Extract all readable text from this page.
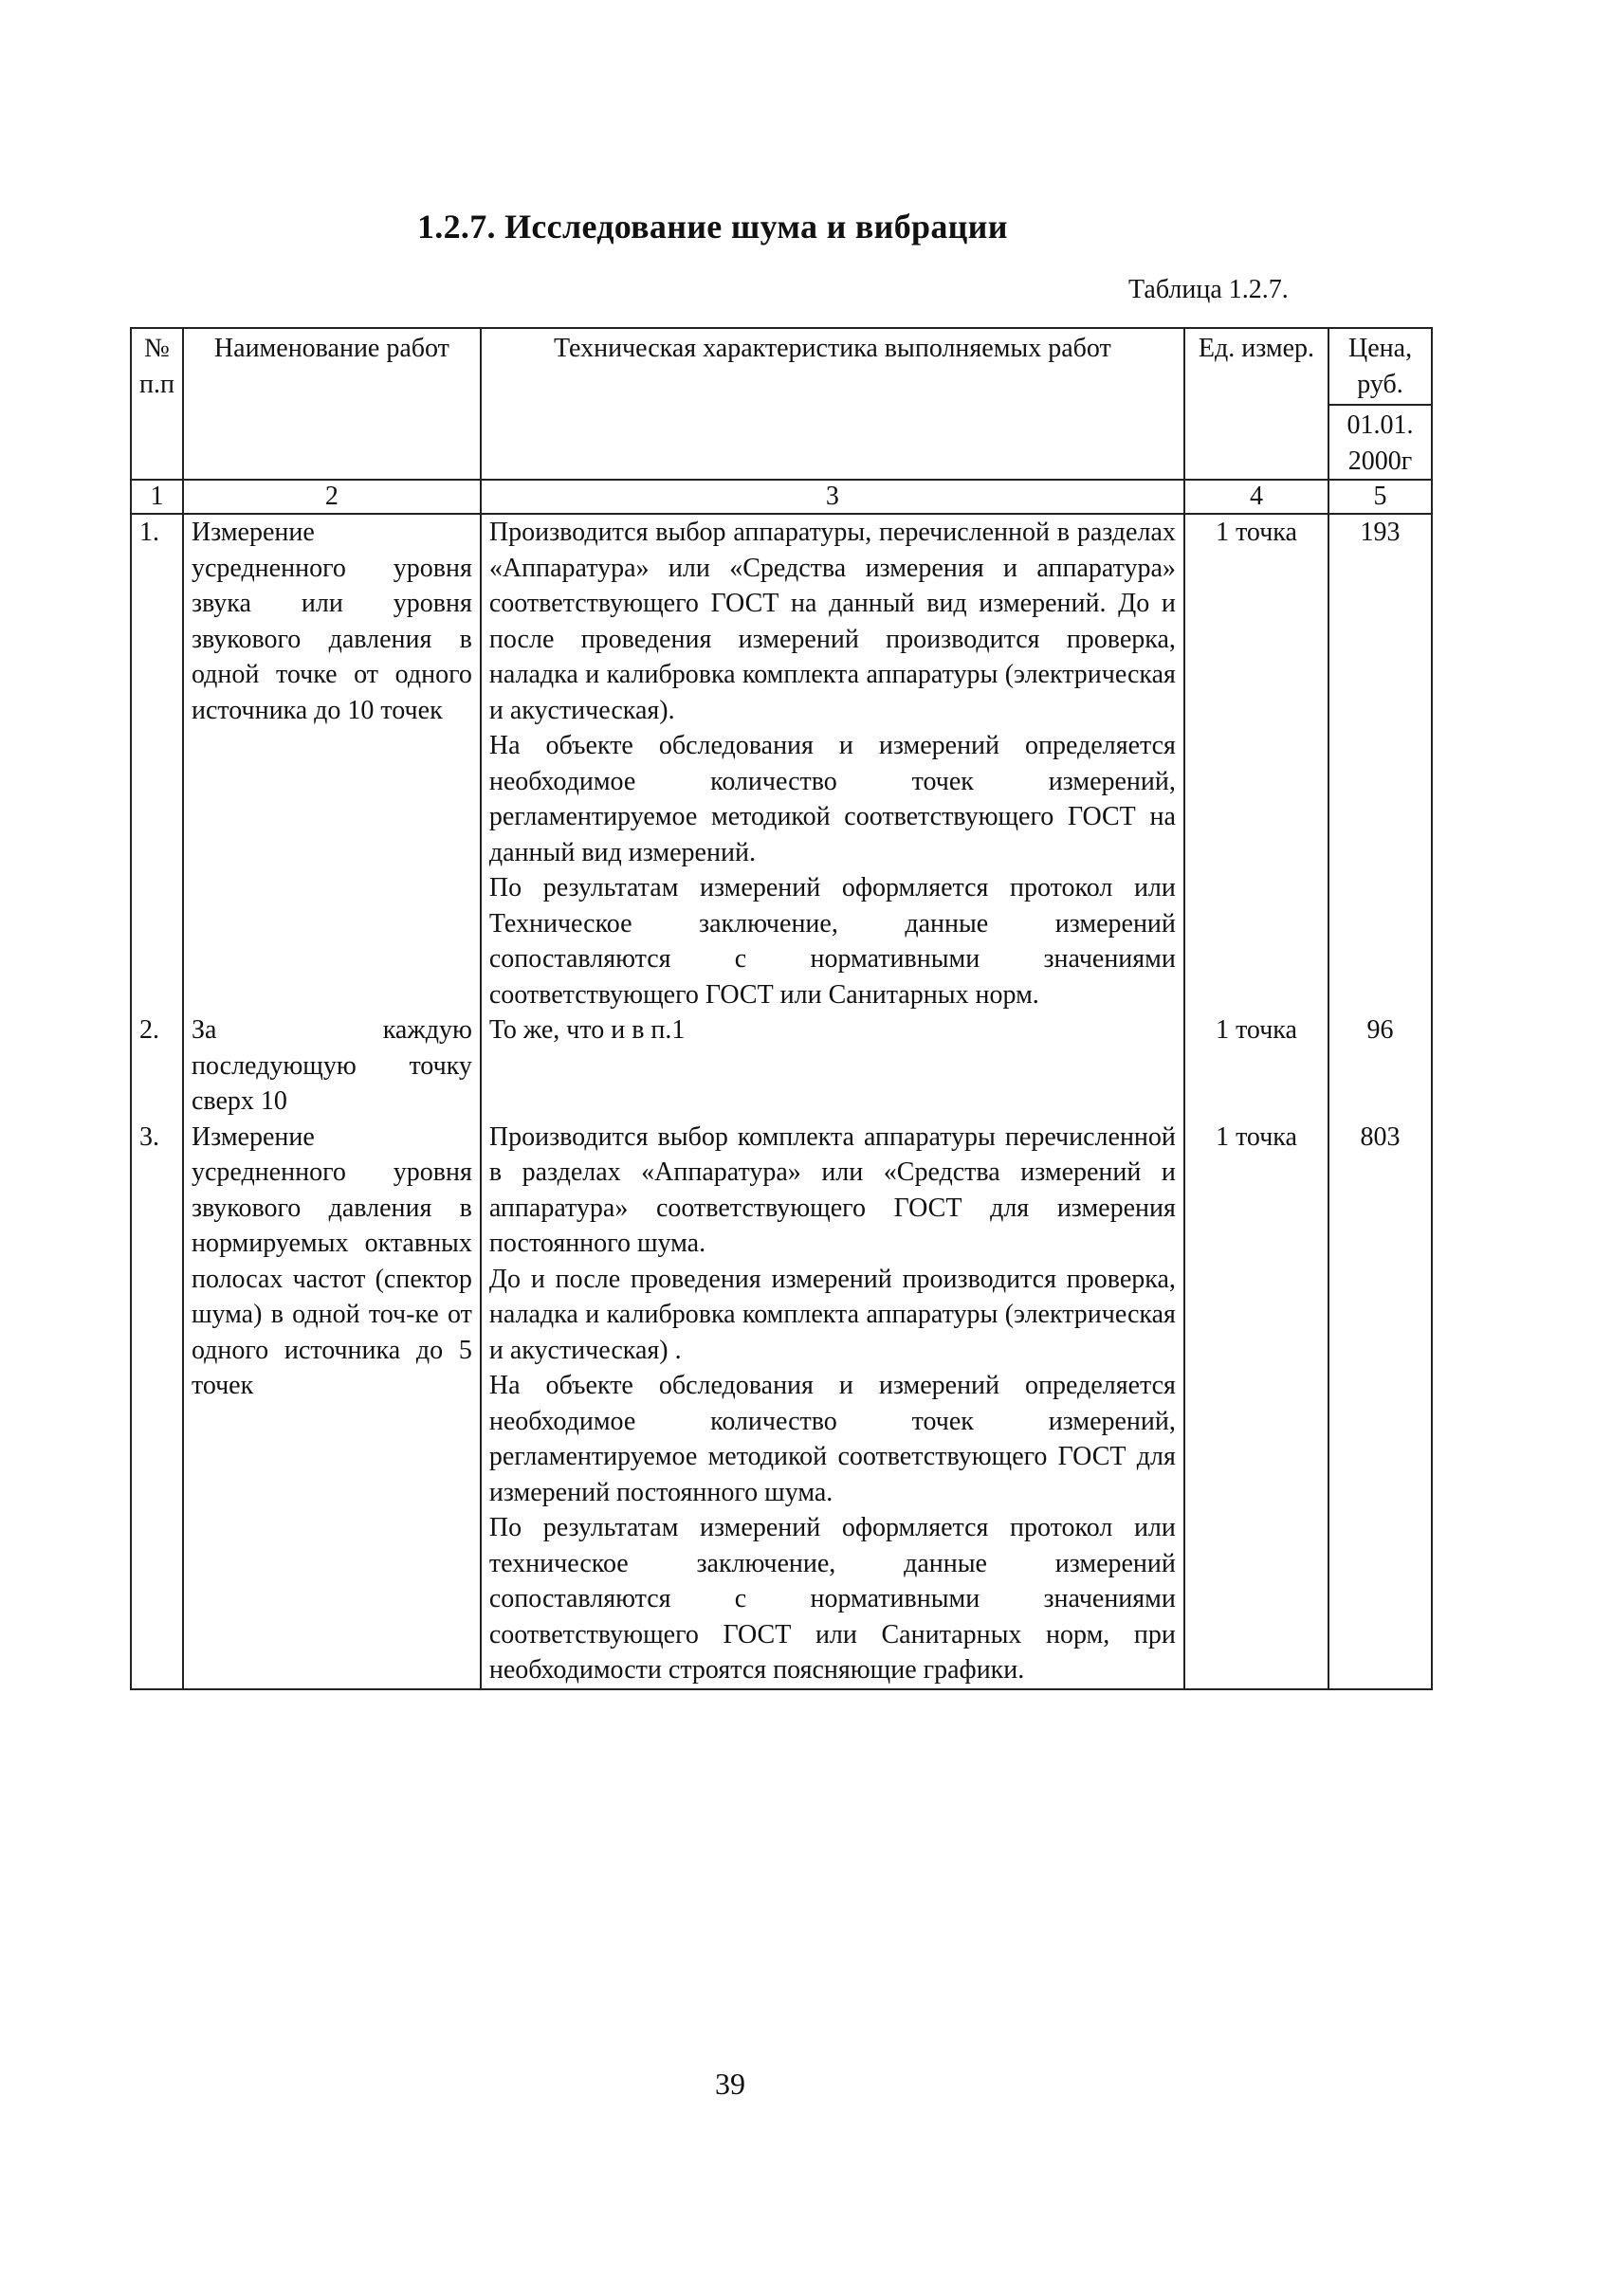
1.2.7. Исследование шума и вибрации
Таблица 1.2.7.
№ п.п	Наименование работ	Техническая характеристика выполняемых работ	Ед. измер.	Цена, руб.
01.01. 2000г

1	2	3	4	5
1.	Измерение усредненного уровня звука или уровня звукового давления в одной точке от одного источника до 10 точек	Производится выбор аппаратуры, перечисленной в разделах «Аппаратура» или «Средства измерения и аппаратура» соответствующего ГОСТ на данный вид измерений. До и после проведения измерений производится проверка, наладка и калибровка комплекта аппаратуры (электрическая и акустическая).

На объекте обследования и измерений определяется необходимое количество точек измерений, регламентируемое методикой соответствующего ГОСТ на данный вид измерений.

По результатам измерений оформляется протокол или Техническое заключение, данные измерений сопоставляются с нормативными значениями соответствующего ГОСТ или Санитарных норм.	1 точка	193
2.	За каждую последующую точку сверх 10	То же, что и в п.1	1 точка	96
3.	Измерение усредненного уровня звукового давления в нормируемых октавных полосах частот (спектор шума) в одной точ-ке от одного источника до 5 точек	Производится выбор комплекта аппаратуры перечисленной в разделах «Аппаратура» или «Средства измерений и аппаратура» соответствующего ГОСТ для измерения постоянного шума.

До и после проведения измерений производится проверка, наладка и калибровка комплекта аппаратуры (электрическая и акустическая) .

На объекте обследования и измерений определяется необходимое количество точек измерений, регламентируемое методикой соответствующего ГОСТ для измерений постоянного шума.

По результатам измерений оформляется протокол или техническое заключение, данные измерений сопоставляются с нормативными значениями соответствующего ГОСТ или Санитарных норм, при необходимости строятся поясняющие графики.	1 точка	803
39
